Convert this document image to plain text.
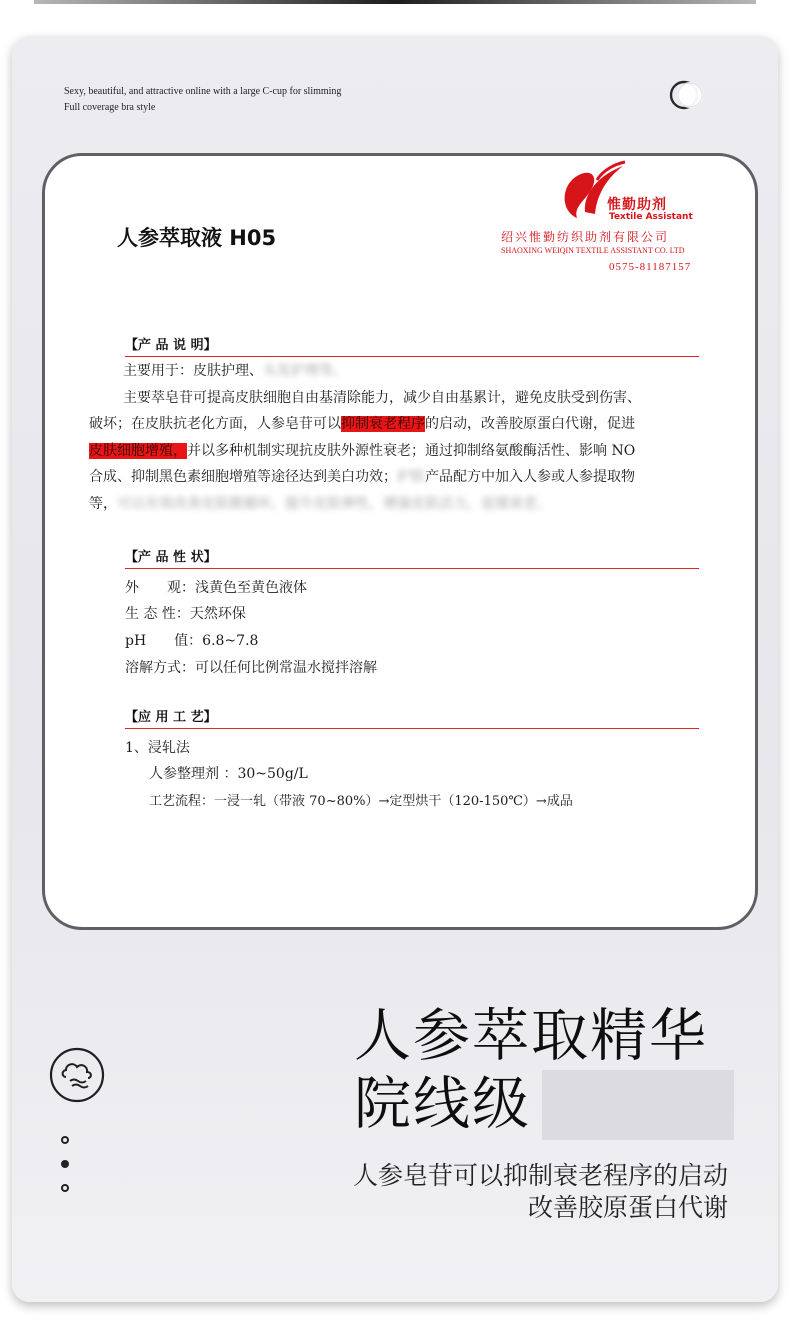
Sexy, beautiful, and attractive online with a large C-cup for slimming
Full coverage bra style
人参萃取液 H05
惟勤助剂
Textile Assistant
绍兴惟勤纺织助剂有限公司
SHAOXING WEIQIN TEXTILE ASSISTANT CO. LTD
0575-81187157
【产 品 说 明】
主要用于：皮肤护理、头发护理等。
主要萃皂苷可提高皮肤细胞自由基清除能力，减少自由基累计，避免皮肤受到伤害、
破坏；在皮肤抗老化方面，人参皂苷可以抑制衰老程序的启动，改善胶原蛋白代谢，促进
皮肤细胞增殖，并以多种机制实现抗皮肤外源性衰老；通过抑制络氨酸酶活性、影响 NO
合成、抑制黑色素细胞增殖等途径达到美白功效；护肤产品配方中加入人参或人参提取物
等，可以有效改善皮肤微循环，提升皮肤弹性，增强皮肤活力，延缓衰老。
【产 品 性 状】
外　　观：浅黄色至黄色液体
生 态 性：天然环保
pH　　值：6.8~7.8
溶解方式：可以任何比例常温水搅拌溶解
【应 用 工 艺】
1、浸轧法
人参整理剂 ：30~50g/L
工艺流程：一浸一轧（带液 70~80%）→定型烘干（120-150℃）→成品
人参萃取精华
院线级
人参皂苷可以抑制衰老程序的启动
改善胶原蛋白代谢
